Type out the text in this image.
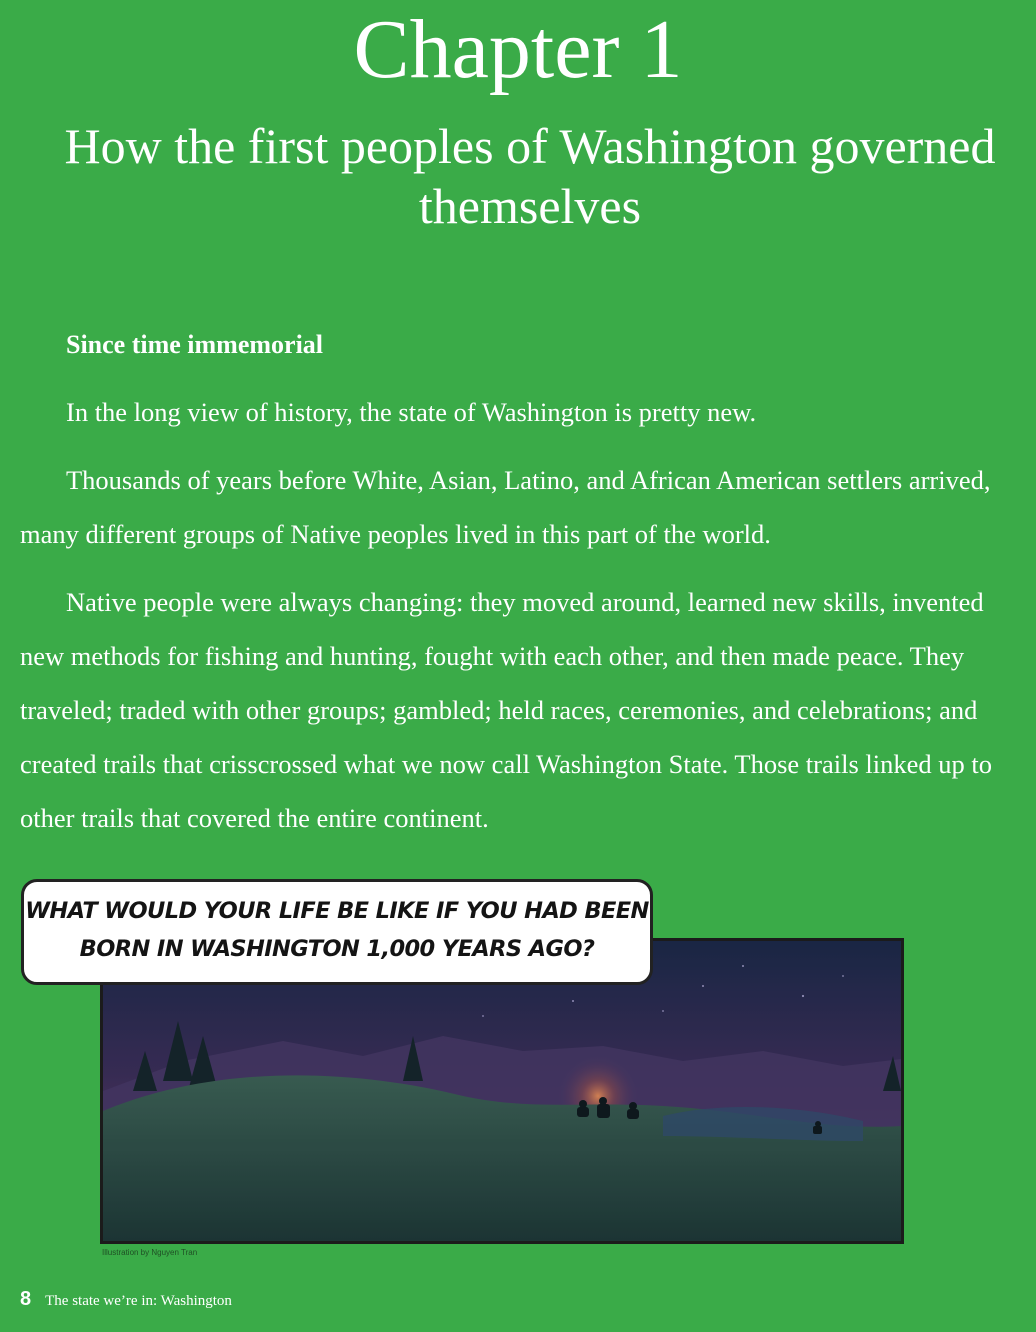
Chapter 1
How the first peoples of Washington governed themselves
Since time immemorial

In the long view of history, the state of Washington is pretty new.

Thousands of years before White, Asian, Latino, and African American settlers arrived, many different groups of Native peoples lived in this part of the world.

Native people were always changing: they moved around, learned new skills, invented new methods for fishing and hunting, fought with each other, and then made peace. They traveled; traded with other groups; gambled; held races, ceremonies, and celebrations; and created trails that crisscrossed what we now call Washington State. Those trails linked up to other trails that covered the entire continent.

WHAT WOULD YOUR LIFE BE LIKE IF YOU HAD BEEN
BORN IN WASHINGTON 1,000 YEARS AGO?
Illustration by Nguyen Tran
8 The state we’re in: Washington
